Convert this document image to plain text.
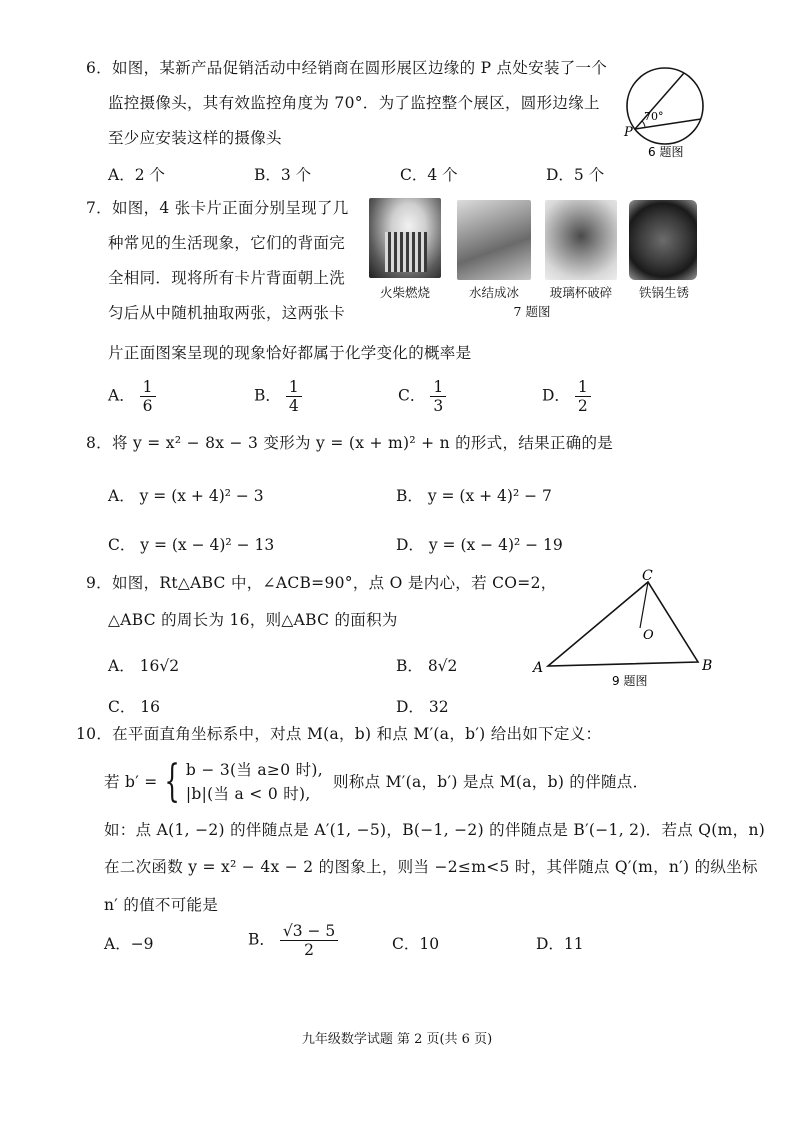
6．如图，某新产品促销活动中经销商在圆形展区边缘的 P 点处安装了一个
监控摄像头，其有效监控角度为 70°．为了监控整个展区，圆形边缘上
至少应安装这样的摄像头
A．2 个	B．3 个	C．4 个	D．5 个
70°
P
6 题图
7．如图，4 张卡片正面分别呈现了几
种常见的生活现象，它们的背面完
全相同．现将所有卡片背面朝上洗
匀后从中随机抽取两张，这两张卡
片正面图案呈现的现象恰好都属于化学变化的概率是
火柴燃烧	水结成冰	玻璃杯破碎	铁锅生锈
7 题图
A． $\frac{1}{6}$	B． $\frac{1}{4}$	C． $\frac{1}{3}$	D． $\frac{1}{2}$
8．将 y = x² − 8x − 3 变形为 y = (x + m)² + n 的形式，结果正确的是
A． y = (x + 4)² − 3	B． y = (x + 4)² − 7
C． y = (x − 4)² − 13	D． y = (x − 4)² − 19
9．如图，Rt△ABC 中，∠ACB=90°，点 O 是内心，若 CO=2，
△ABC 的周长为 16，则△ABC 的面积为
A． 16√2	B． 8√2
C． 16	D． 32
C
A	B
O
9 题图
10．在平面直角坐标系中，对点 M(a，b) 和点 M′(a，b′) 给出如下定义：
若 b′ = { b − 3(当 a≥0 时),
|b|(当 a < 0 时),
则称点 M′(a，b′) 是点 M(a，b) 的伴随点．
如：点 A(1, −2) 的伴随点是 A′(1, −5)，B(−1, −2) 的伴随点是 B′(−1, 2)．若点 Q(m，n)
在二次函数 y = x² − 4x − 2 的图象上，则当 −2≤m<5 时，其伴随点 Q′(m，n′) 的纵坐标
n′ 的值不可能是
A．−9	B． $\frac{√3 - 5}{2}$	C．10	D．11
九年级数学试题 第 2 页(共 6 页)
